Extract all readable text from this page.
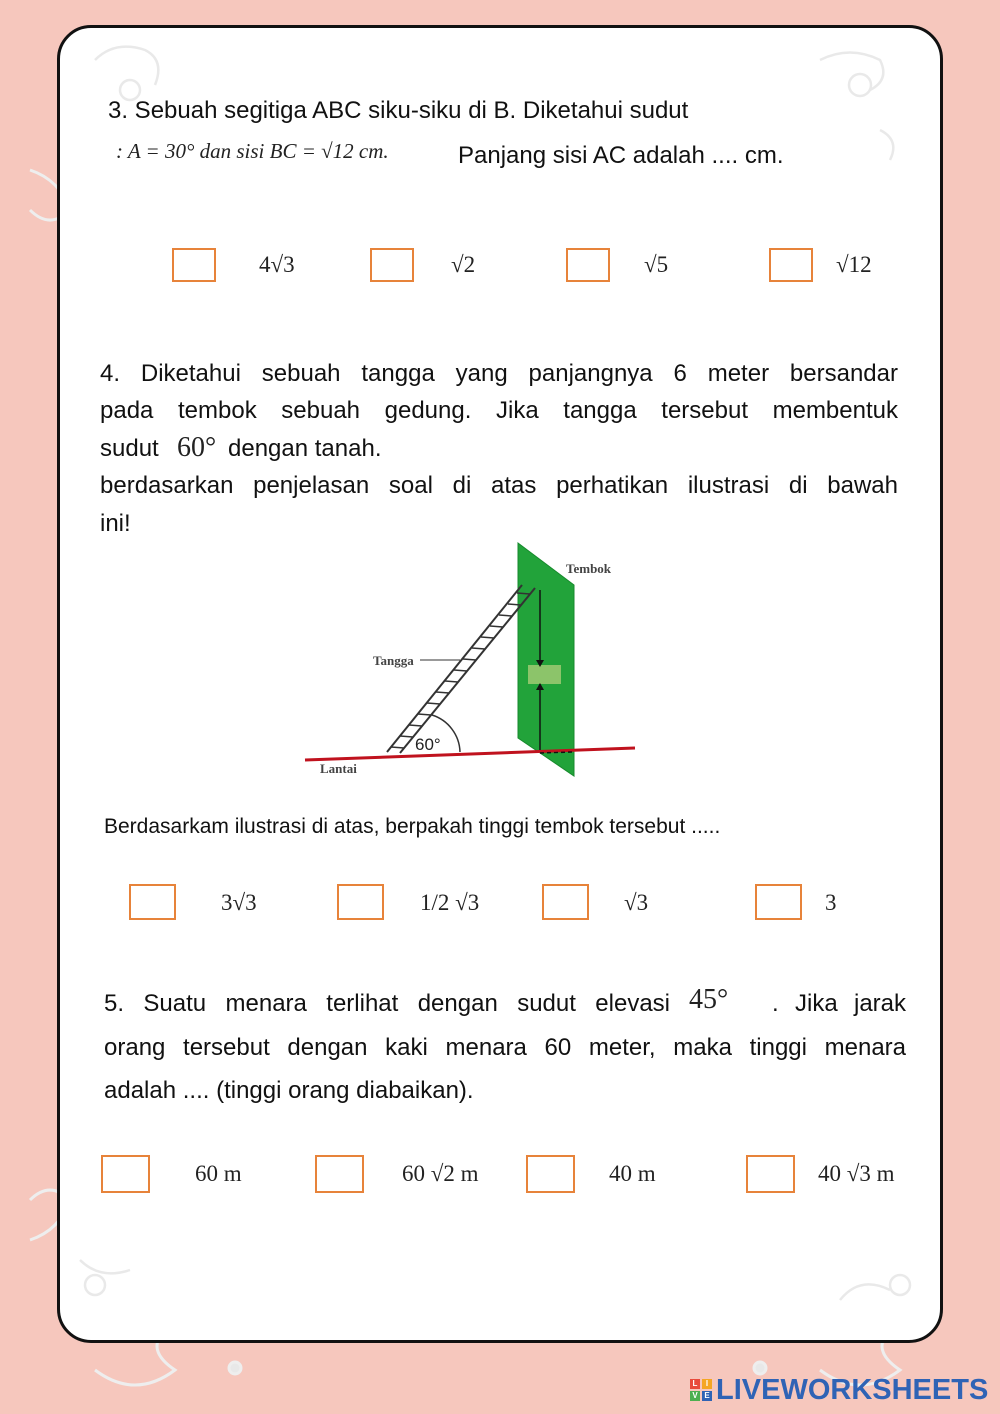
3. Sebuah segitiga ABC siku-siku di B. Diketahui sudut
: A = 30° dan sisi BC = √12 cm.	Panjang sisi AC adalah .... cm.
4√3	√2	√5	√12
4. Diketahui sebuah tangga yang panjangnya 6 meter bersandar
pada tembok sebuah gedung. Jika tangga tersebut membentuk
sudut 60° dengan tanah.
berdasarkan penjelasan soal di atas perhatikan ilustrasi di bawah
ini!
60°
Tembok
Tangga
Lantai
Berdasarkam ilustrasi di atas, berpakah tinggi tembok tersebut .....
3√3	1/2 √3	√3	3
5. Suatu menara terlihat dengan sudut elevasi 45° . Jika jarak
orang tersebut dengan kaki menara 60 meter, maka tinggi menara
adalah .... (tinggi orang diabaikan).
60 m	60 √2 m	40 m	40 √3 m
L	I
V E LIVEWORKSHEETS
